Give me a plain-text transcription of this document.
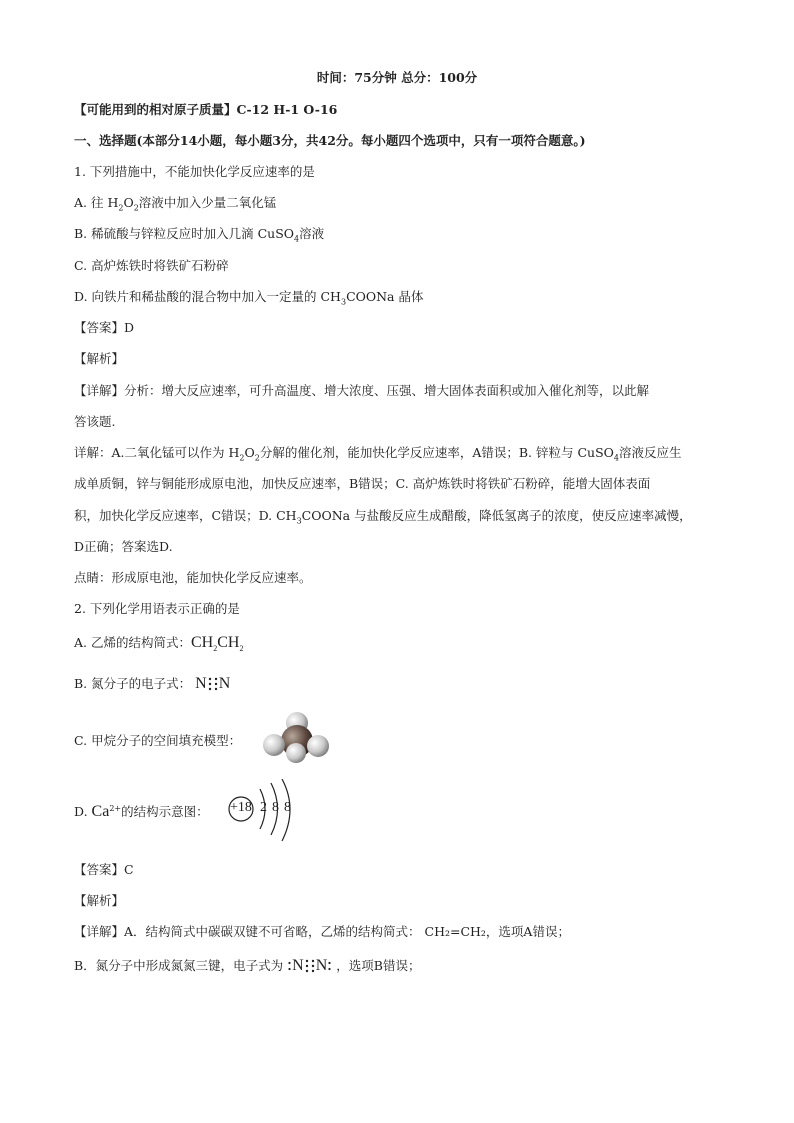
时间：75分钟 总分：100分
【可能用到的相对原子质量】C-12 H-1 O-16
一、选择题(本部分14小题，每小题3分，共42分。每小题四个选项中，只有一项符合题意。)
1. 下列措施中，不能加快化学反应速率的是
A. 往 $H_2O_2$溶液中加入少量二氧化锰
B. 稀硫酸与锌粒反应时加入几滴 CuSO$_4$溶液
C. 高炉炼铁时将铁矿石粉碎
D. 向铁片和稀盐酸的混合物中加入一定量的 $CH_3COONa$ 晶体
【答案】D
【解析】
【详解】分析：增大反应速率，可升高温度、增大浓度、压强、增大固体表面积或加入催化剂等，以此解
答该题.
详解：A.二氧化锰可以作为 $H_2O_2$分解的催化剂，能加快化学反应速率，A错误；B. 锌粒与 CuSO$_4$溶液反应生
成单质铜，锌与铜能形成原电池，加快反应速率，B错误；C. 高炉炼铁时将铁矿石粉碎，能增大固体表面
积，加快化学反应速率，C错误；D. $CH_3COONa$ 与盐酸反应生成醋酸，降低氢离子的浓度，使反应速率减慢，
D正确；答案选D.
点睛：形成原电池，能加快化学反应速率。
2. 下列化学用语表示正确的是
A. 乙烯的结构简式：$CH_2CH_2$
B. 氮分子的电子式： N N
C. 甲烷分子的空间填充模型：
D. $Ca^{2+}$的结构示意图： +18 2 8 8
【答案】C
【解析】
【详解】A．结构简式中碳碳双键不可省略，乙烯的结构简式： CH₂=CH₂，选项A错误；
B．氮分子中形成氮氮三键，电子式为 N N ，选项B错误；
